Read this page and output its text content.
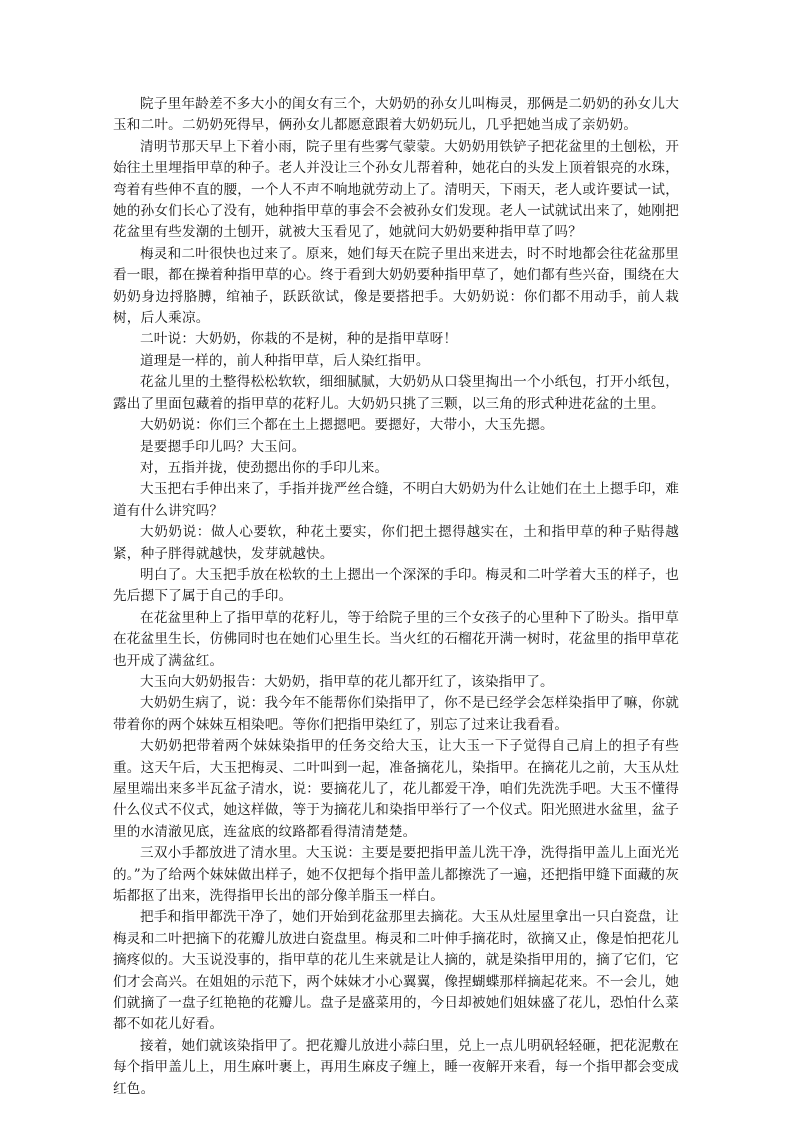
院子里年龄差不多大小的闺女有三个，大奶奶的孙女儿叫梅灵，那俩是二奶奶的孙女儿大玉和二叶。二奶奶死得早，俩孙女儿都愿意跟着大奶奶玩儿，几乎把她当成了亲奶奶。

清明节那天早上下着小雨，院子里有些雾气蒙蒙。大奶奶用铁铲子把花盆里的土刨松，开始往土里埋指甲草的种子。老人并没让三个孙女儿帮着种，她花白的头发上顶着银亮的水珠，弯着有些伸不直的腰，一个人不声不响地就劳动上了。清明天，下雨天，老人或许要试一试，她的孙女们长心了没有，她种指甲草的事会不会被孙女们发现。老人一试就试出来了，她刚把花盆里有些发潮的土刨开，就被大玉看见了，她就问大奶奶要种指甲草了吗？

梅灵和二叶很快也过来了。原来，她们每天在院子里出来进去，时不时地都会往花盆那里看一眼，都在操着种指甲草的心。终于看到大奶奶要种指甲草了，她们都有些兴奋，围绕在大奶奶身边捋胳膊，绾袖子，跃跃欲试，像是要搭把手。大奶奶说：你们都不用动手，前人栽树，后人乘凉。

二叶说：大奶奶，你栽的不是树，种的是指甲草呀！

道理是一样的，前人种指甲草，后人染红指甲。

花盆儿里的土整得松松软软，细细腻腻，大奶奶从口袋里掏出一个小纸包，打开小纸包，露出了里面包藏着的指甲草的花籽儿。大奶奶只挑了三颗，以三角的形式种进花盆的土里。

大奶奶说：你们三个都在土上摁摁吧。要摁好，大带小，大玉先摁。

是要摁手印儿吗？大玉问。

对，五指并拢，使劲摁出你的手印儿来。

大玉把右手伸出来了，手指并拢严丝合缝，不明白大奶奶为什么让她们在土上摁手印，难道有什么讲究吗？

大奶奶说：做人心要软，种花土要实，你们把土摁得越实在，土和指甲草的种子贴得越紧，种子胖得就越快，发芽就越快。

明白了。大玉把手放在松软的土上摁出一个深深的手印。梅灵和二叶学着大玉的样子，也先后摁下了属于自己的手印。

在花盆里种上了指甲草的花籽儿，等于给院子里的三个女孩子的心里种下了盼头。指甲草在花盆里生长，仿佛同时也在她们心里生长。当火红的石榴花开满一树时，花盆里的指甲草花也开成了满盆红。

大玉向大奶奶报告：大奶奶，指甲草的花儿都开红了，该染指甲了。

大奶奶生病了，说：我今年不能帮你们染指甲了，你不是已经学会怎样染指甲了嘛，你就带着你的两个妹妹互相染吧。等你们把指甲染红了，别忘了过来让我看看。

大奶奶把带着两个妹妹染指甲的任务交给大玉，让大玉一下子觉得自己肩上的担子有些重。这天午后，大玉把梅灵、二叶叫到一起，准备摘花儿，染指甲。在摘花儿之前，大玉从灶屋里端出来多半瓦盆子清水，说：要摘花儿了，花儿都爱干净，咱们先洗洗手吧。大玉不懂得什么仪式不仪式，她这样做，等于为摘花儿和染指甲举行了一个仪式。阳光照进水盆里，盆子里的水清澈见底，连盆底的纹路都看得清清楚楚。

三双小手都放进了清水里。大玉说：主要是要把指甲盖儿洗干净，洗得指甲盖儿上面光光的。”为了给两个妹妹做出样子，她不仅把每个指甲盖儿都擦洗了一遍，还把指甲缝下面藏的灰垢都抠了出来，洗得指甲长出的部分像羊脂玉一样白。

把手和指甲都洗干净了，她们开始到花盆那里去摘花。大玉从灶屋里拿出一只白瓷盘，让梅灵和二叶把摘下的花瓣儿放进白瓷盘里。梅灵和二叶伸手摘花时，欲摘又止，像是怕把花儿摘疼似的。大玉说没事的，指甲草的花儿生来就是让人摘的，就是染指甲用的，摘了它们，它们才会高兴。在姐姐的示范下，两个妹妹才小心翼翼，像捏蝴蝶那样摘起花来。不一会儿，她们就摘了一盘子红艳艳的花瓣儿。盘子是盛菜用的，今日却被她们姐妹盛了花儿，恐怕什么菜都不如花儿好看。

接着，她们就该染指甲了。把花瓣儿放进小蒜臼里，兑上一点儿明矾轻轻砸，把花泥敷在每个指甲盖儿上，用生麻叶裹上，再用生麻皮子缠上，睡一夜解开来看，每一个指甲都会变成红色。
